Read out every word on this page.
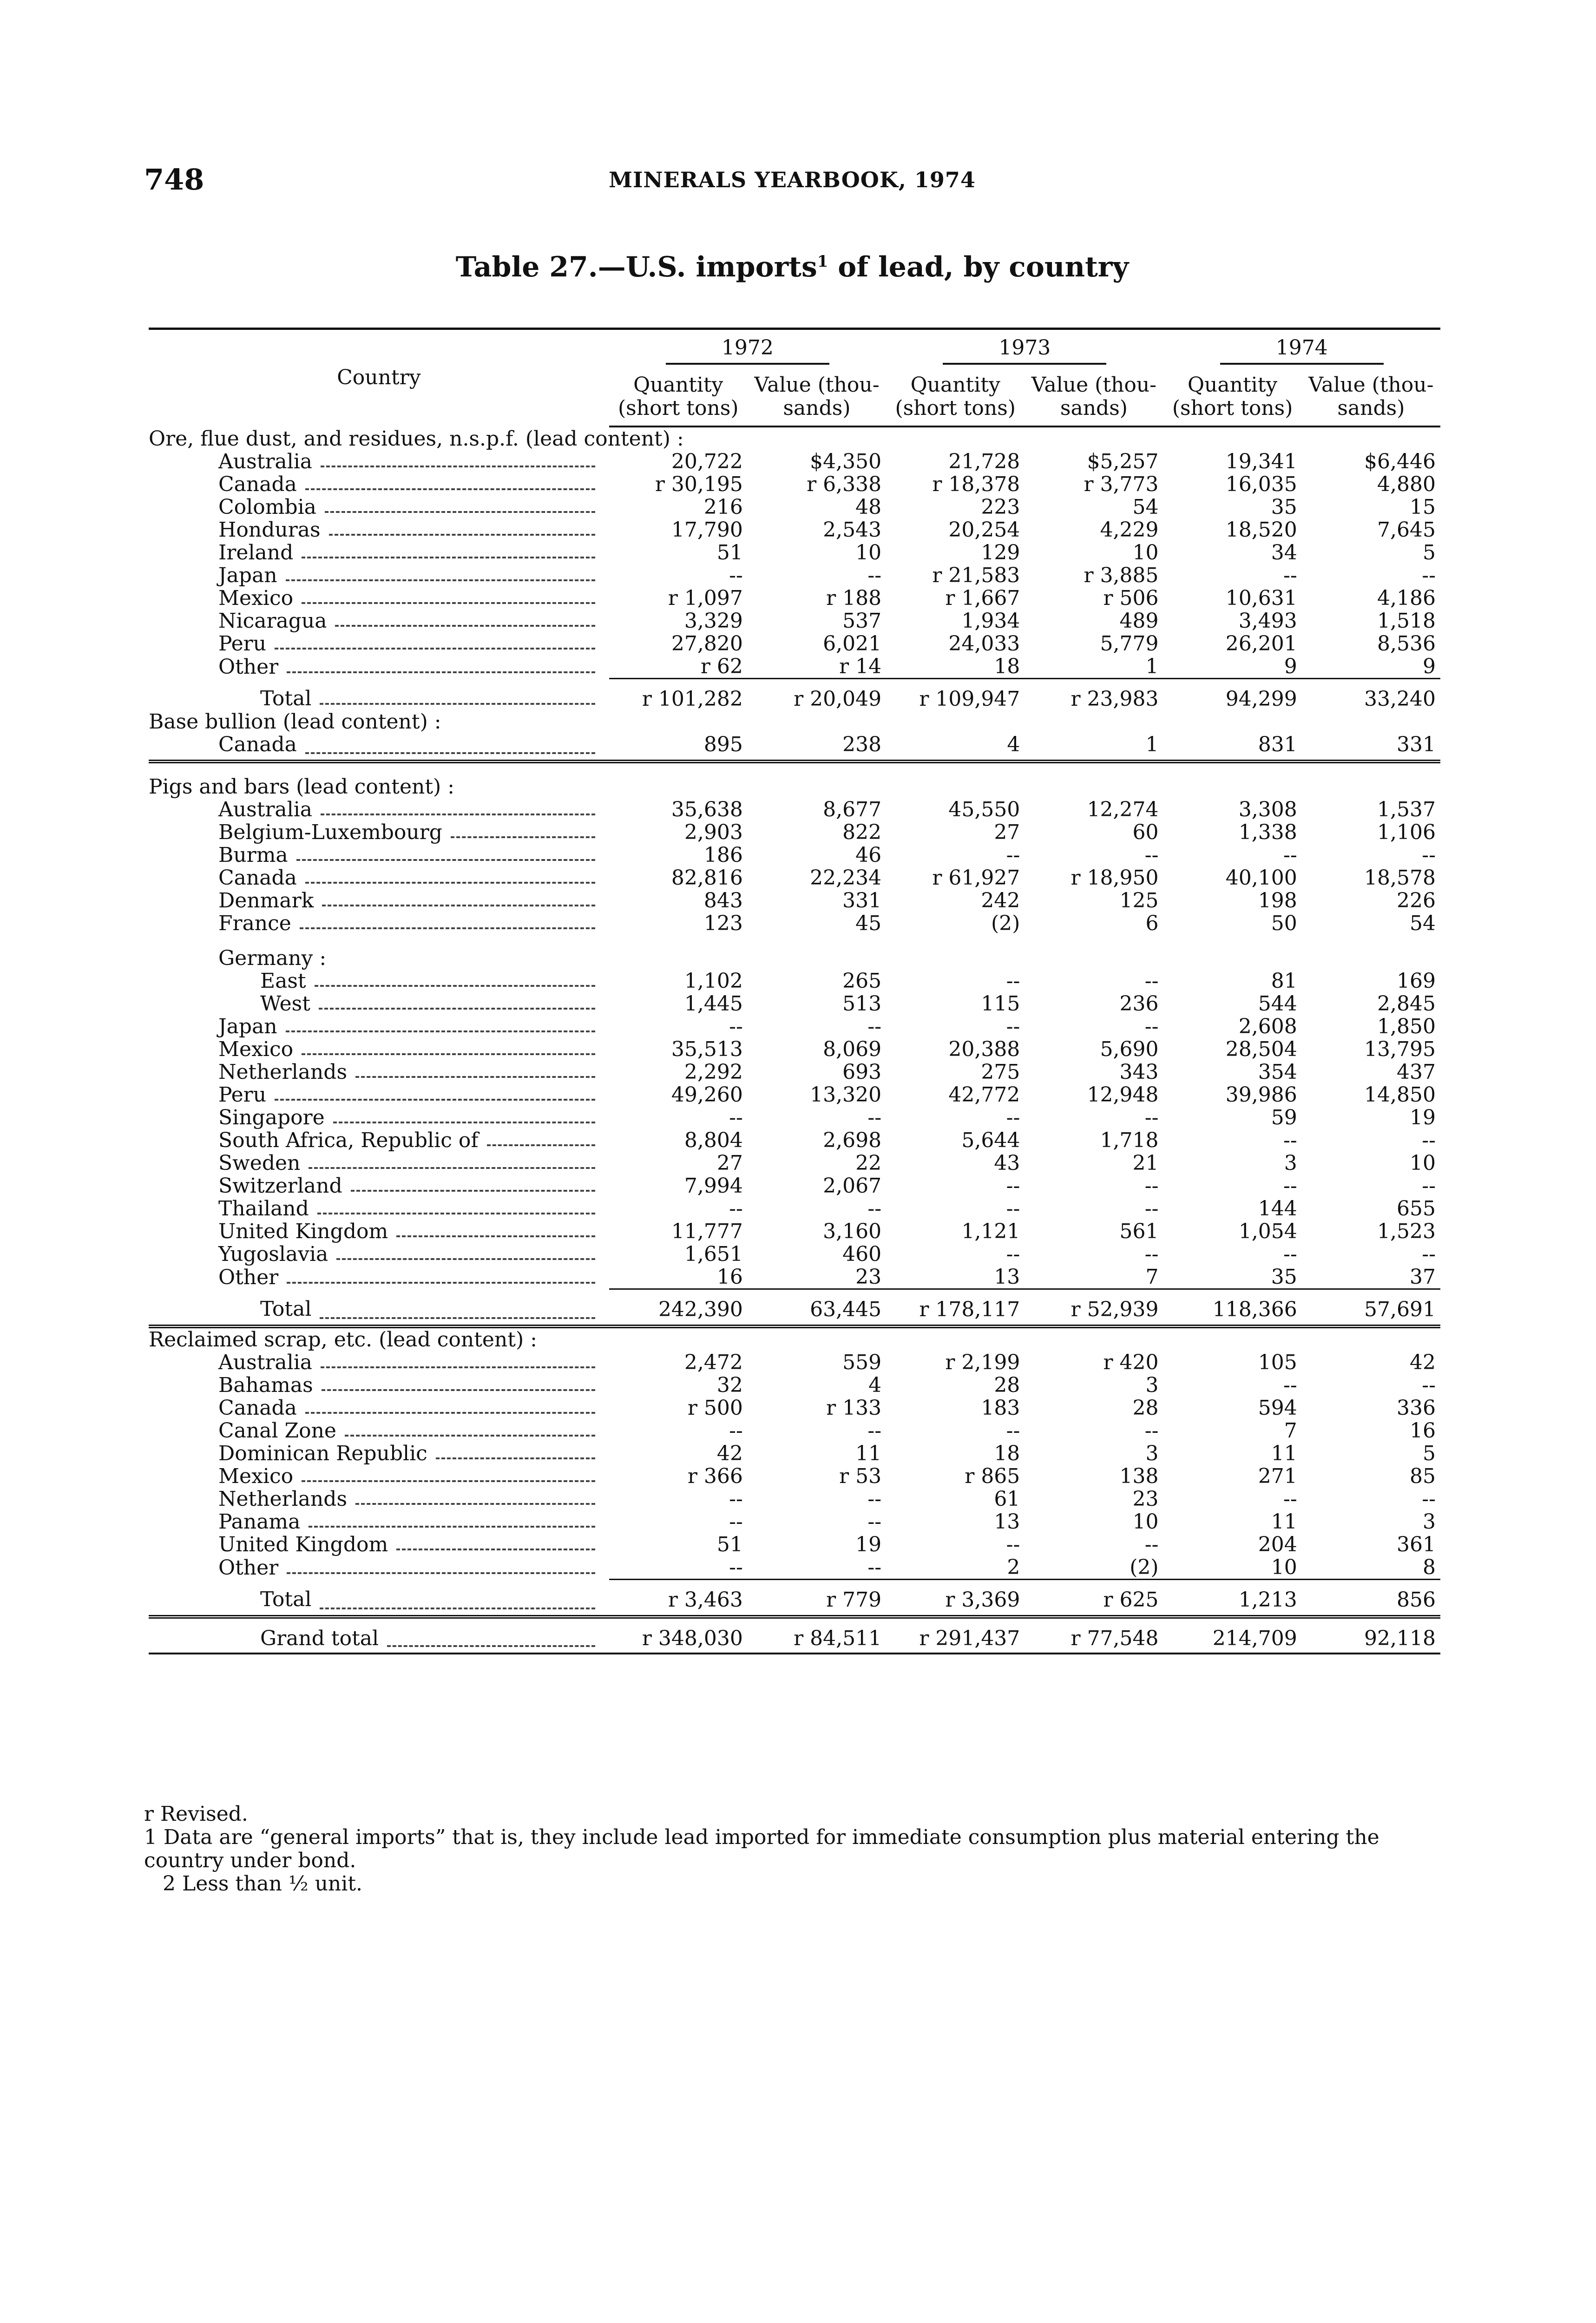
748	MINERALS YEARBOOK, 1974
Table 27.—U.S. imports$^1$ of lead, by country
Country	1972		1973		1974	
	Quantity (short tons)	Value (thou- sands)	Quantity (short tons)	Value (thou- sands)	Quantity (short tons)	Value (thou- sands)
Ore, flue dust, and residues, n.s.p.f. (lead content) :						
Australia	20,722	$4,350	21,728	$5,257	19,341	$6,446
Canada	r 30,195	r 6,338	r 18,378	r 3,773	16,035	4,880
Colombia	216	48	223	54	35	15
Honduras	17,790	2,543	20,254	4,229	18,520	7,645
Ireland	51	10	129	10	34	5
Japan	--	--	r 21,583	r 3,885	--	--
Mexico	r 1,097	r 188	r 1,667	r 506	10,631	4,186
Nicaragua	3,329	537	1,934	489	3,493	1,518
Peru	27,820	6,021	24,033	5,779	26,201	8,536
Other	r 62	r 14	18	1	9	9
Total	r 101,282	r 20,049	r 109,947	r 23,983	94,299	33,240
Base bullion (lead content) :						
Canada	895	238	4	1	831	331

Pigs and bars (lead content) :						
Australia	35,638	8,677	45,550	12,274	3,308	1,537
Belgium-Luxembourg	2,903	822	27	60	1,338	1,106
Burma	186	46	--	--	--	--
Canada	82,816	22,234	r 61,927	r 18,950	40,100	18,578
Denmark	843	331	242	125	198	226
France	123	45	(2)	6	50	54

Germany :						
East	1,102	265	--	--	81	169
West	1,445	513	115	236	544	2,845
Japan	--	--	--	--	2,608	1,850
Mexico	35,513	8,069	20,388	5,690	28,504	13,795
Netherlands	2,292	693	275	343	354	437
Peru	49,260	13,320	42,772	12,948	39,986	14,850
Singapore	--	--	--	--	59	19
South Africa, Republic of	8,804	2,698	5,644	1,718	--	--
Sweden	27	22	43	21	3	10
Switzerland	7,994	2,067	--	--	--	--
Thailand	--	--	--	--	144	655
United Kingdom	11,777	3,160	1,121	561	1,054	1,523
Yugoslavia	1,651	460	--	--	--	--
Other	16	23	13	7	35	37
Total	242,390	63,445	r 178,117	r 52,939	118,366	57,691
Reclaimed scrap, etc. (lead content) :						
Australia	2,472	559	r 2,199	r 420	105	42
Bahamas	32	4	28	3	--	--
Canada	r 500	r 133	183	28	594	336
Canal Zone	--	--	--	--	7	16
Dominican Republic	42	11	18	3	11	5
Mexico	r 366	r 53	r 865	138	271	85
Netherlands	--	--	61	23	--	--
Panama	--	--	13	10	11	3
United Kingdom	51	19	--	--	204	361
Other	--	--	2	(2)	10	8
Total	r 3,463	r 779	r 3,369	r 625	1,213	856
Grand total	r 348,030	r 84,511	r 291,437	r 77,548	214,709	92,118

r Revised.

1 Data are “general imports” that is, they include lead imported for immediate consumption plus material entering the country under bond.

2 Less than ½ unit.
